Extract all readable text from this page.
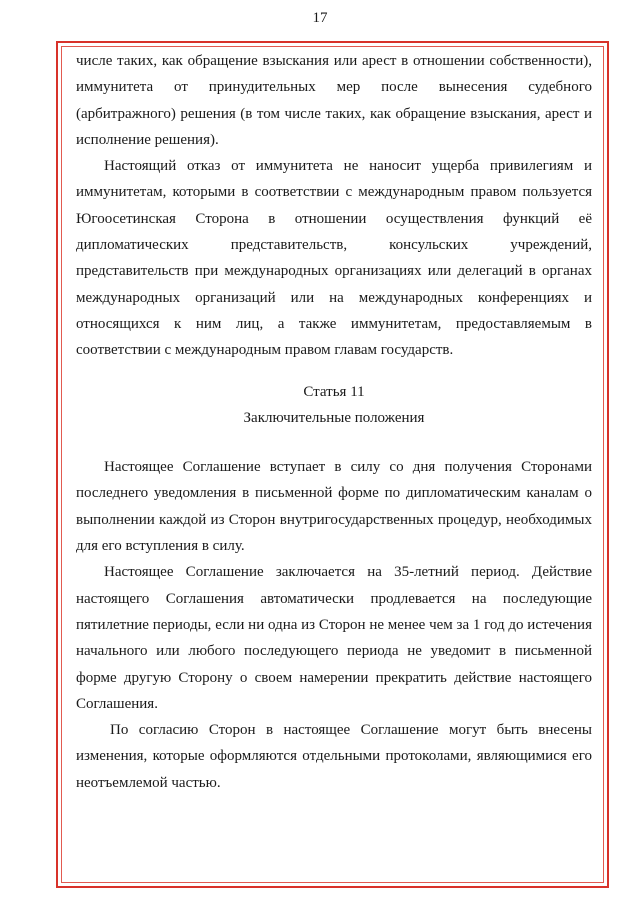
17

числе таких, как обращение взыскания или арест в отношении собственности), иммунитета от принудительных мер после вынесения судебного (арбитражного) решения (в том числе таких, как обращение взыскания, арест и исполнение решения).

Настоящий отказ от иммунитета не наносит ущерба привилегиям и иммунитетам, которыми в соответствии с международным правом пользуется Югоосетинская Сторона в отношении осуществления функций её дипломатических представительств, консульских учреждений, представительств при международных организациях или делегаций в органах международных организаций или на международных конференциях и относящихся к ним лиц, а также иммунитетам, предоставляемым в соответствии с международным правом главам государств.

Статья 11

Заключительные положения

Настоящее Соглашение вступает в силу со дня получения Сторонами последнего уведомления в письменной форме по дипломатическим каналам о выполнении каждой из Сторон внутригосударственных процедур, необходимых для его вступления в силу.

Настоящее Соглашение заключается на 35-летний период. Действие настоящего Соглашения автоматически продлевается на последующие пятилетние периоды, если ни одна из Сторон не менее чем за 1 год до истечения начального или любого последующего периода не уведомит в письменной форме другую Сторону о своем намерении прекратить действие настоящего Соглашения.

По согласию Сторон в настоящее Соглашение могут быть внесены изменения, которые оформляются отдельными протоколами, являющимися его неотъемлемой частью.
